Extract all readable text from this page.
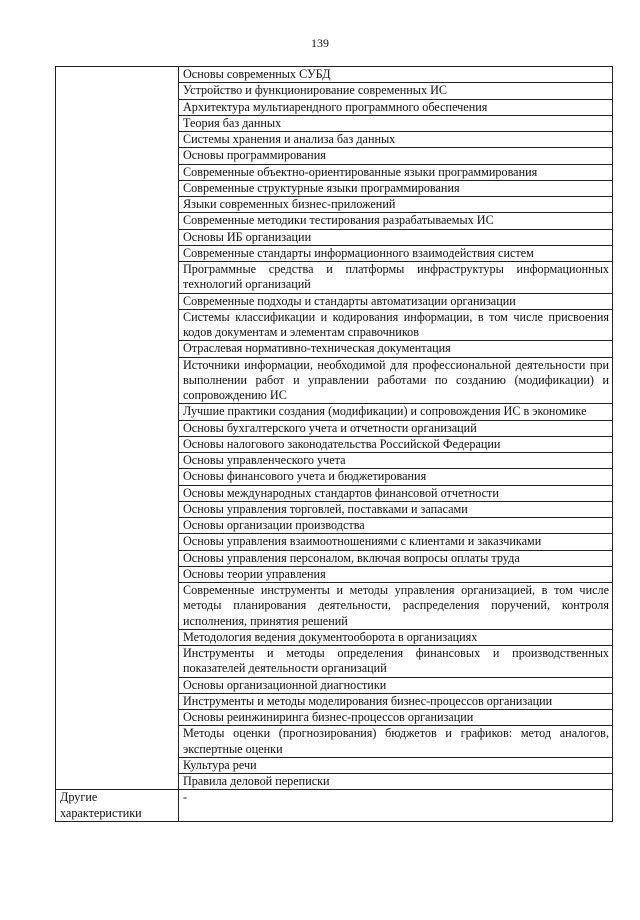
139
	Основы современных СУБД
	Устройство и функционирование современных ИС
	Архитектура мультиарендного программного обеспечения
	Теория баз данных
	Системы хранения и анализа баз данных
	Основы программирования
	Современные объектно-ориентированные языки программирования
	Современные структурные языки программирования
	Языки современных бизнес-приложений
	Современные методики тестирования разрабатываемых ИС
	Основы ИБ организации
	Современные стандарты информационного взаимодействия систем
	Программные средства и платформы инфраструктуры информационных технологий организаций
	Современные подходы и стандарты автоматизации организации
	Системы классификации и кодирования информации, в том числе присвоения кодов документам и элементам справочников
	Отраслевая нормативно-техническая документация
	Источники информации, необходимой для профессиональной деятельности при выполнении работ и управлении работами по созданию (модификации) и сопровождению ИС
	Лучшие практики создания (модификации) и сопровождения ИС в экономике
	Основы бухгалтерского учета и отчетности организаций
	Основы налогового законодательства Российской Федерации
	Основы управленческого учета
	Основы финансового учета и бюджетирования
	Основы международных стандартов финансовой отчетности
	Основы управления торговлей, поставками и запасами
	Основы организации производства
	Основы управления взаимоотношениями с клиентами и заказчиками
	Основы управления персоналом, включая вопросы оплаты труда
	Основы теории управления
	Современные инструменты и методы управления организацией, в том числе методы планирования деятельности, распределения поручений, контроля исполнения, принятия решений
	Методология ведения документооборота в организациях
	Инструменты и методы определения финансовых и производственных показателей деятельности организаций
	Основы организационной диагностики
	Инструменты и методы моделирования бизнес-процессов организации
	Основы реинжиниринга бизнес-процессов организации
	Методы оценки (прогнозирования) бюджетов и графиков: метод аналогов, экспертные оценки
	Культура речи
	Правила деловой переписки
Другие характеристики	-
